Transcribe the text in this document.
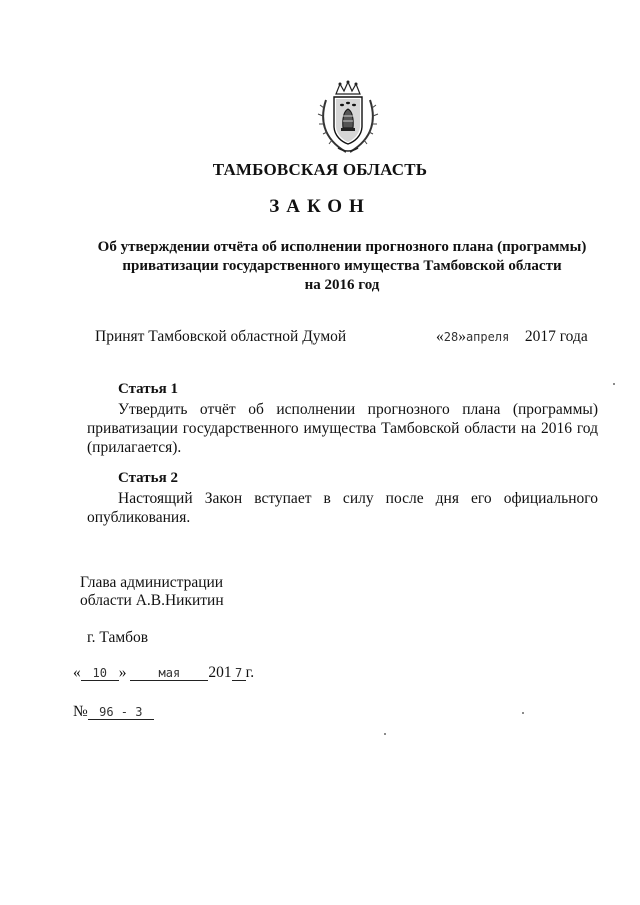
ТАМБОВСКАЯ ОБЛАСТЬ
ЗАКОН
Об утверждении отчёта об исполнении прогнозного плана (программы)
приватизации государственного имущества Тамбовской области
на 2016 год
Принят Тамбовской областной Думой	«28»апреля 2017 года
Статья 1
Утвердить отчёт об исполнении прогнозного плана (программы) приватизации государственного имущества Тамбовской области на 2016 год (прилагается).
Статья 2
Настоящий Закон вступает в силу после дня его официального опубликования.
Глава администрации
области А.В.Никитин
г. Тамбов
« 10 »	мая 201 7 г.
№ 96 - 3
